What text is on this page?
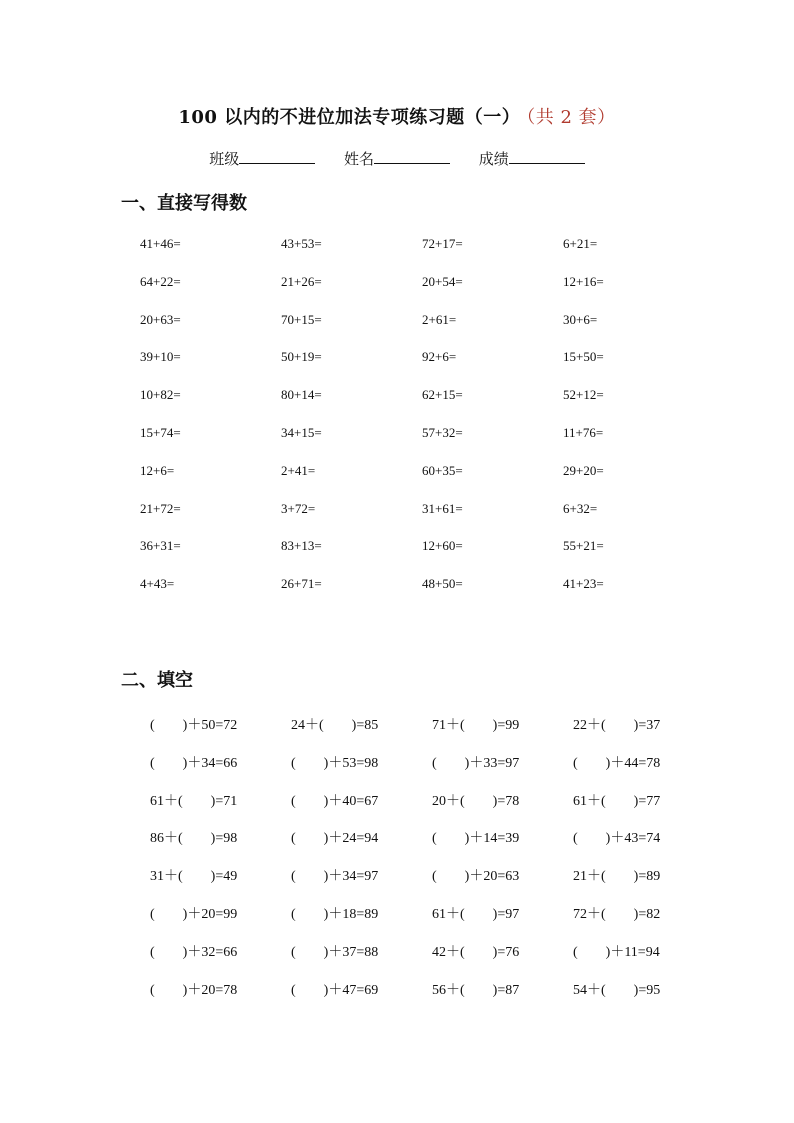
100 以内的不进位加法专项练习题（一） （共 2 套）
班级	姓名	成绩
一、直接写得数
41+46=	43+53=	72+17=	6+21=
64+22=	21+26=	20+54=	12+16=
20+63=	70+15=	2+61=	30+6=
39+10=	50+19=	92+6=	15+50=
10+82=	80+14=	62+15=	52+12=
15+74=	34+15=	57+32=	11+76=
12+6=	2+41=	60+35=	29+20=
21+72=	3+72=	31+61=	6+32=
36+31=	83+13=	12+60=	55+21=
4+43=	26+71=	48+50=	41+23=
二、填空
(        )＋50=72	24＋(        )=85	71＋(        )=99	22＋(        )=37
(        )＋34=66	(        )＋53=98	(        )＋33=97	(        )＋44=78
61＋(        )=71	(        )＋40=67	20＋(        )=78	61＋(        )=77
86＋(        )=98	(        )＋24=94	(        )＋14=39	(        )＋43=74
31＋(        )=49	(        )＋34=97	(        )＋20=63	21＋(        )=89
(        )＋20=99	(        )＋18=89	61＋(        )=97	72＋(        )=82
(        )＋32=66	(        )＋37=88	42＋(        )=76	(        )＋11=94
(        )＋20=78	(        )＋47=69	56＋(        )=87	54＋(        )=95
